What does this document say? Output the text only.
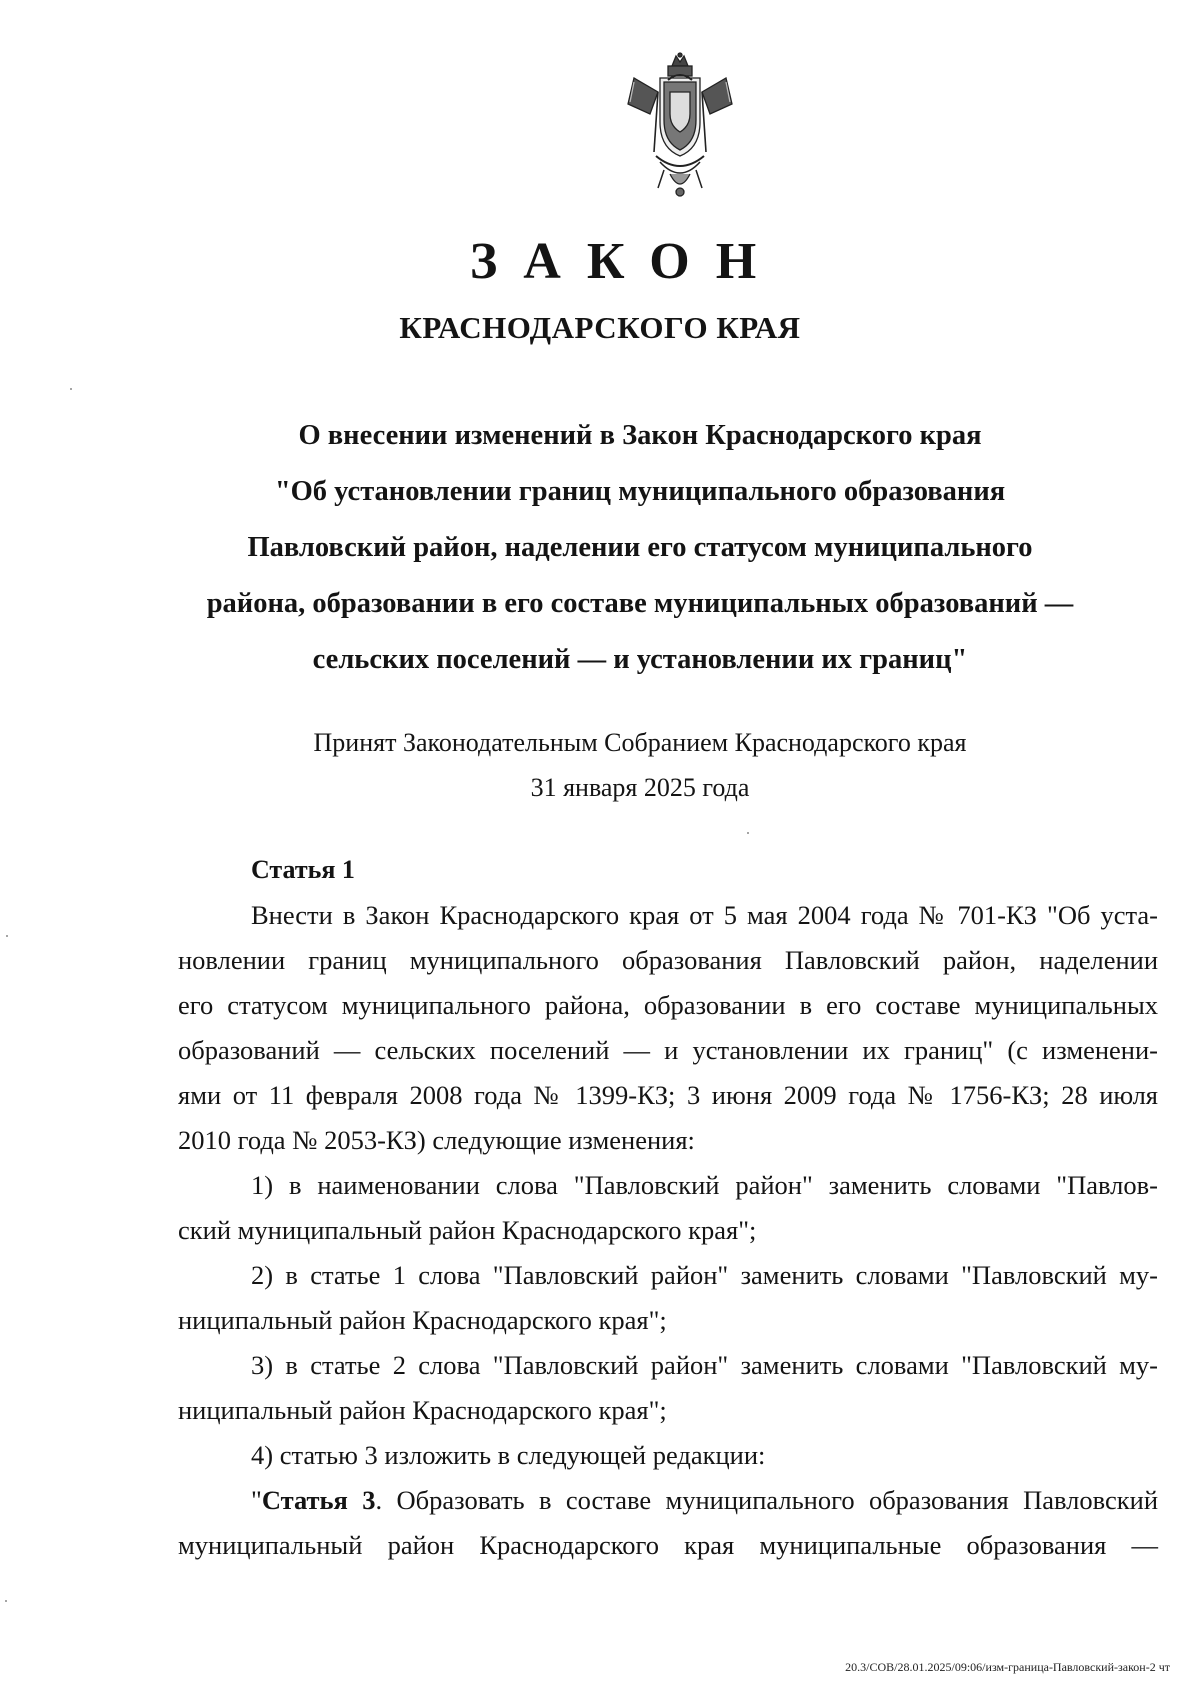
ЗАКОН
КРАСНОДАРСКОГО КРАЯ
О внесении изменений в Закон Краснодарского края
"Об установлении границ муниципального образования
Павловский район, наделении его статусом муниципального
района, образовании в его составе муниципальных образований —
сельских поселений — и установлении их границ"
Принят Законодательным Собранием Краснодарского края
31 января 2025 года
Статья 1
Внести в Закон Краснодарского края от 5 мая 2004 года № 701-КЗ "Об уста-
новлении границ муниципального образования Павловский район, наделении
его статусом муниципального района, образовании в его составе муниципальных
образований — сельских поселений — и установлении их границ" (с изменени-
ями от 11 февраля 2008 года № 1399-КЗ; 3 июня 2009 года № 1756-КЗ; 28 июля
2010 года № 2053-КЗ) следующие изменения:
1) в наименовании слова "Павловский район" заменить словами "Павлов-
ский муниципальный район Краснодарского края";
2) в статье 1 слова "Павловский район" заменить словами "Павловский му-
ниципальный район Краснодарского края";
3) в статье 2 слова "Павловский район" заменить словами "Павловский му-
ниципальный район Краснодарского края";
4) статью 3 изложить в следующей редакции:
"Статья 3. Образовать в составе муниципального образования Павловский
муниципальный район Краснодарского края муниципальные образования —
20.3/СОВ/28.01.2025/09:06/изм-граница-Павловский-закон-2 чт
